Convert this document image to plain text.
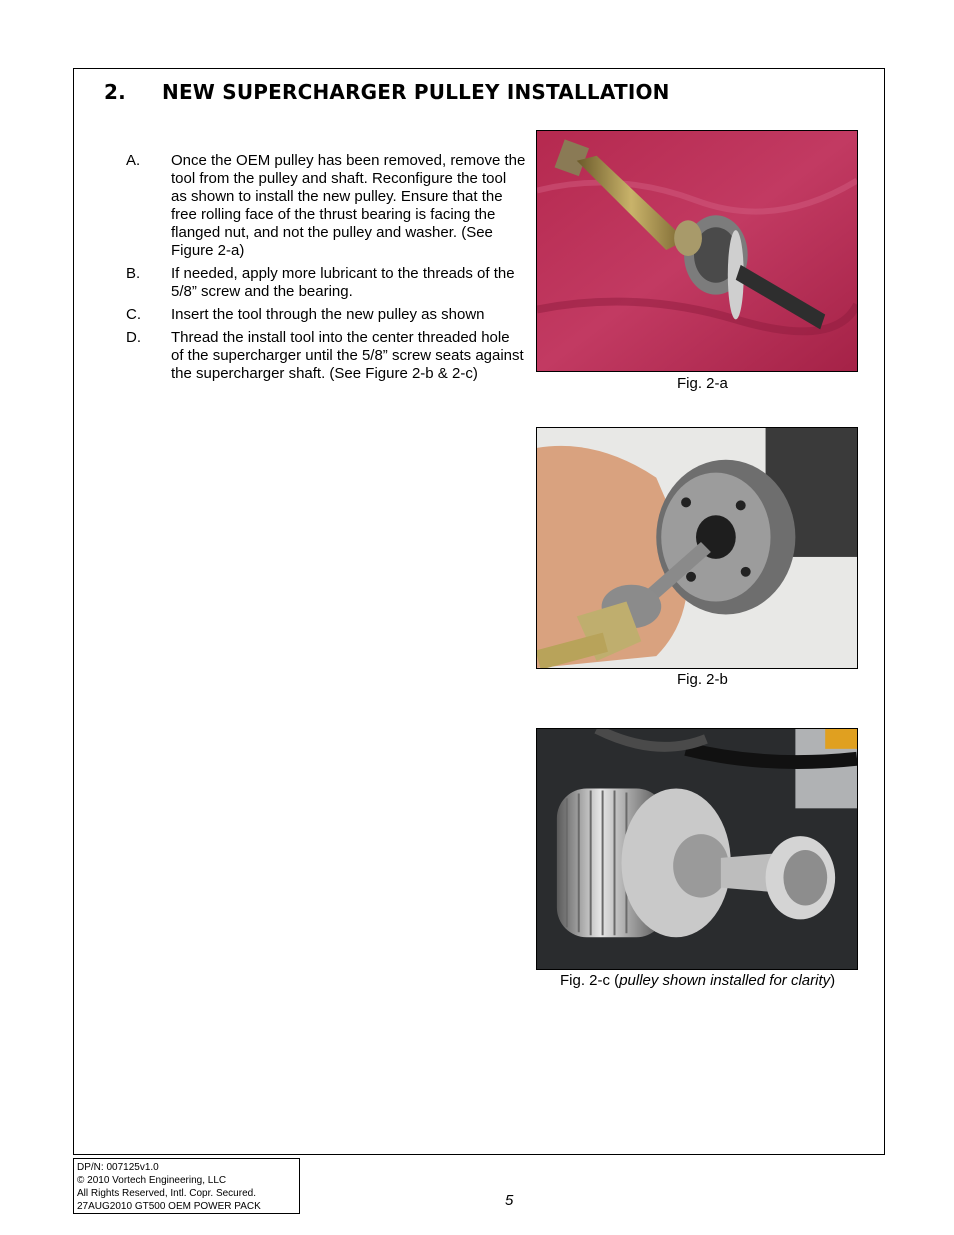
2. NEW SUPERCHARGER PULLEY INSTALLATION
A.	Once the OEM pulley has been removed, remove the tool from the pulley and shaft. Reconfigure the tool as shown to install the new pulley. Ensure that the free rolling face of the thrust bearing is facing the flanged nut, and not the pulley and washer. (See Figure 2-a)
B.	If needed, apply more lubricant to the threads of the 5/8” screw and the bearing.
C.	Insert the tool through the new pulley as shown
D.	Thread the install tool into the center threaded hole of the supercharger until the 5/8” screw seats against the supercharger shaft. (See Figure 2-b & 2-c)
Fig. 2-a
Fig. 2-b
Fig. 2-c (pulley shown installed for clarity)
DP/N: 007125v1.0
© 2010 Vortech Engineering, LLC
All Rights Reserved, Intl. Copr. Secured.
27AUG2010 GT500 OEM POWER PACK	5
